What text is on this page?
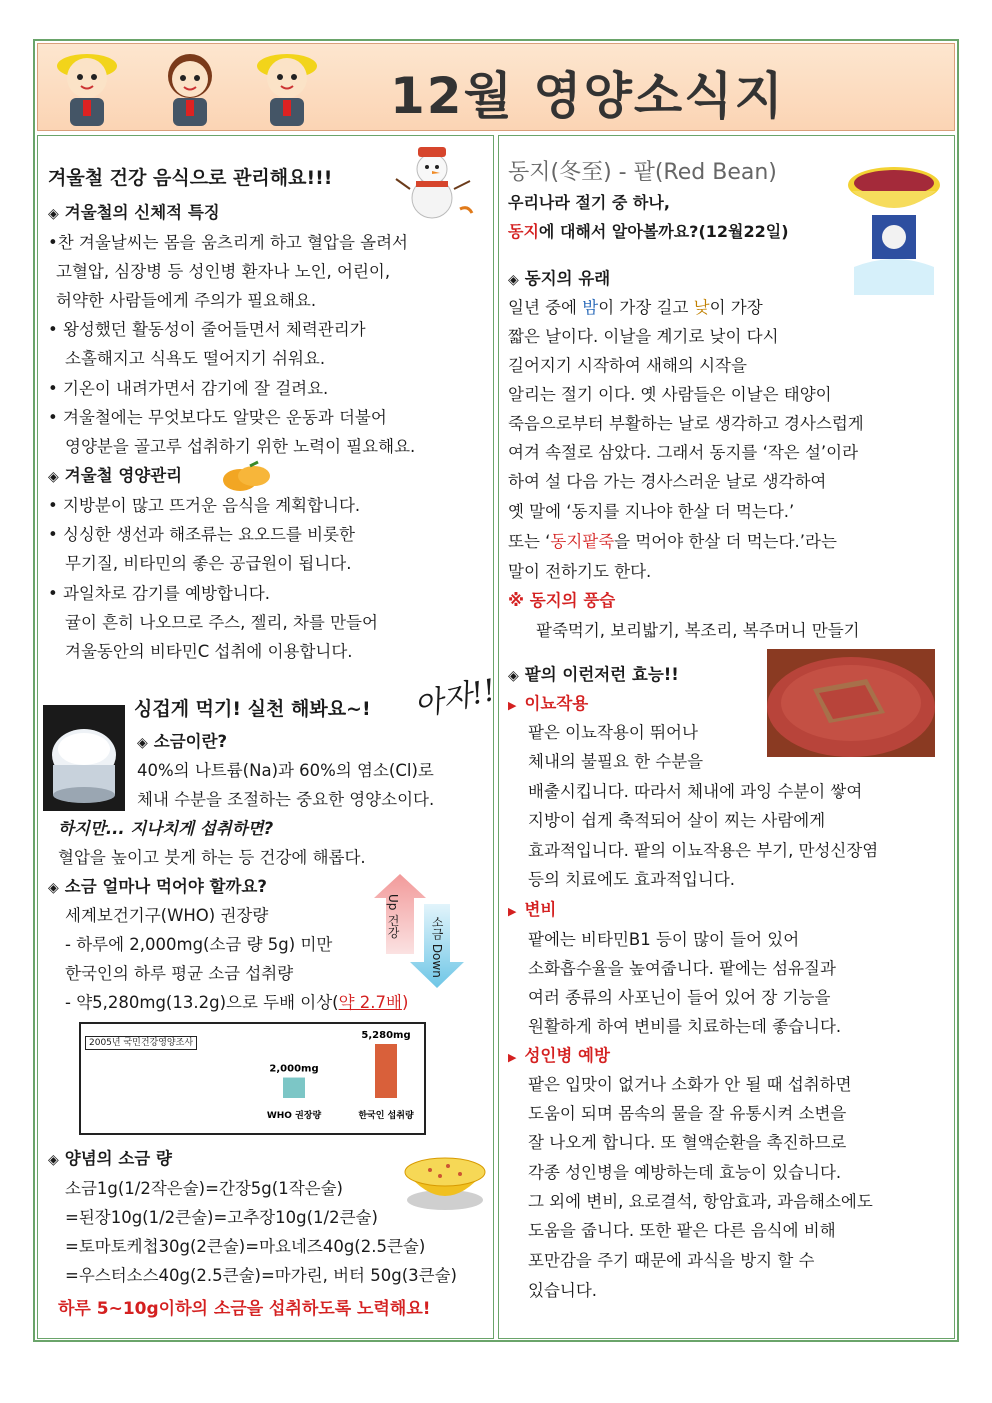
12월 영양소식지
겨울철 건강 음식으로 관리해요!!!
◈ 겨울철의 신체적 특징
•찬 겨울날씨는 몸을 움츠리게 하고 혈압을 올려서
고혈압, 심장병 등 성인병 환자나 노인, 어린이,
허약한 사람들에게 주의가 필요해요.
• 왕성했던 활동성이 줄어들면서 체력관리가
소홀해지고 식욕도 떨어지기 쉬워요.
• 기온이 내려가면서 감기에 잘 걸려요.
• 겨울철에는 무엇보다도 알맞은 운동과 더불어
영양분을 골고루 섭취하기 위한 노력이 필요해요.
◈ 겨울철 영양관리
• 지방분이 많고 뜨거운 음식을 계획합니다.
• 싱싱한 생선과 해조류는 요오드를 비롯한
무기질, 비타민의 좋은 공급원이 됩니다.
• 과일차로 감기를 예방합니다.
귤이 흔히 나오므로 주스, 젤리, 차를 만들어
겨울동안의 비타민C 섭취에 이용합니다.
싱겁게 먹기! 실천 해봐요~! 아자!!
◈ 소금이란?
40%의 나트륨(Na)과 60%의 염소(Cl)로
체내 수분을 조절하는 중요한 영양소이다.
하지만... 지나치게 섭취하면?
혈압을 높이고 붓게 하는 등 건강에 해롭다.
◈ 소금 얼마나 먹어야 할까요?
세계보건기구(WHO) 권장량
- 하루에 2,000mg(소금 량 5g) 미만
한국인의 하루 평균 소금 섭취량
- 약5,280mg(13.2g)으로 두배 이상(약 2.7배)
Up 건강	소금 Down
2005년 국민건강영양조사
2,000mg
WHO 권장량
5,280mg
한국인 섭취량
◈ 양념의 소금 량
소금1g(1/2작은술)=간장5g(1작은술)
=된장10g(1/2큰술)=고추장10g(1/2큰술)
=토마토케첩30g(2큰술)=마요네즈40g(2.5큰술)
=우스터소스40g(2.5큰술)=마가린, 버터 50g(3큰술)
하루 5~10g이하의 소금을 섭취하도록 노력해요!
동지(冬至) - 팥(Red Bean)
우리나라 절기 중 하나,
동지에 대해서 알아볼까요?(12월22일)
◈ 동지의 유래
일년 중에 밤이 가장 길고 낮이 가장
짧은 날이다. 이날을 계기로 낮이 다시
길어지기 시작하여 새해의 시작을
알리는 절기 이다. 옛 사람들은 이날은 태양이
죽음으로부터 부활하는 날로 생각하고 경사스럽게
여겨 속절로 삼았다. 그래서 동지를 ‘작은 설’이라
하여 설 다음 가는 경사스러운 날로 생각하여
옛 말에 ‘동지를 지나야 한살 더 먹는다.’
또는 ‘동지팥죽을 먹어야 한살 더 먹는다.’라는
말이 전하기도 한다.
※ 동지의 풍습
팥죽먹기, 보리밟기, 복조리, 복주머니 만들기
◈ 팥의 이런저런 효능!!
▶ 이뇨작용
팥은 이뇨작용이 뛰어나
체내의 불필요 한 수분을
배출시킵니다. 따라서 체내에 과잉 수분이 쌓여
지방이 쉽게 축적되어 살이 찌는 사람에게
효과적입니다. 팥의 이뇨작용은 부기, 만성신장염
등의 치료에도 효과적입니다.
▶ 변비
팥에는 비타민B1 등이 많이 들어 있어
소화흡수율을 높여줍니다. 팥에는 섬유질과
여러 종류의 사포닌이 들어 있어 장 기능을
원활하게 하여 변비를 치료하는데 좋습니다.
▶ 성인병 예방
팥은 입맛이 없거나 소화가 안 될 때 섭취하면
도움이 되며 몸속의 물을 잘 유통시켜 소변을
잘 나오게 합니다. 또 혈액순환을 촉진하므로
각종 성인병을 예방하는데 효능이 있습니다.
그 외에 변비, 요로결석, 항암효과, 과음해소에도
도움을 줍니다. 또한 팥은 다른 음식에 비해
포만감을 주기 때문에 과식을 방지 할 수
있습니다.
